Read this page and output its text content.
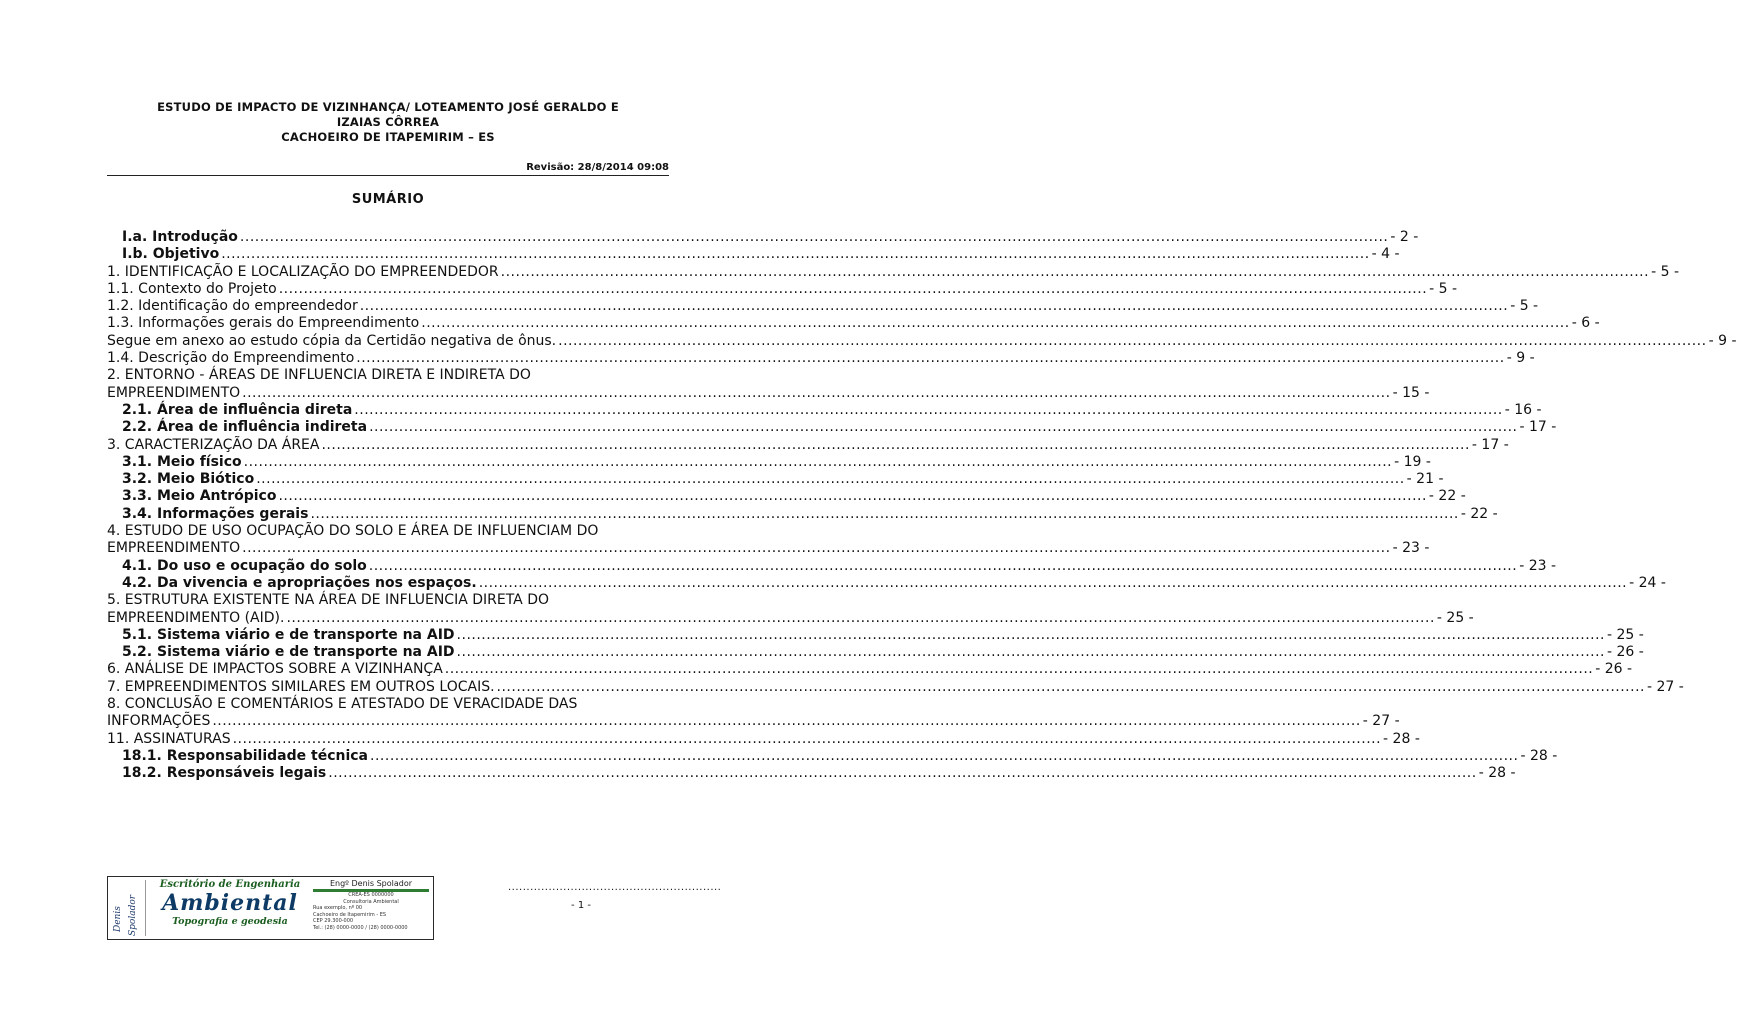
ESTUDO DE IMPACTO DE VIZINHANÇA/ LOTEAMENTO JOSÉ GERALDO E
IZAIAS CÔRREA
CACHOEIRO DE ITAPEMIRIM – ES
Revisão: 28/8/2014 09:08
SUMÁRIO
I.a. Introdução .....	- 2 -
I.b. Objetivo .....	- 4 -
1. IDENTIFICAÇÃO E LOCALIZAÇÃO DO EMPREENDEDOR .....	- 5 -
1.1. Contexto do Projeto .....	- 5 -
1.2. Identificação do empreendedor .....	- 5 -
1.3. Informações gerais do Empreendimento .....	- 6 -
Segue em anexo ao estudo cópia da Certidão negativa de ônus. .....	- 9 -
1.4. Descrição do Empreendimento .....	- 9 -
2. ENTORNO - ÁREAS DE INFLUENCIA DIRETA E INDIRETA DO
EMPREENDIMENTO .....	- 15 -
2.1. Área de influência direta .....	- 16 -
2.2. Área de influência indireta .....	- 17 -
3. CARACTERIZAÇÃO DA ÁREA .....	- 17 -
3.1. Meio físico .....	- 19 -
3.2. Meio Biótico .....	- 21 -
3.3. Meio Antrópico .....	- 22 -
3.4. Informações gerais .....	- 22 -
4. ESTUDO DE USO OCUPAÇÃO DO SOLO E ÁREA DE INFLUENCIAM DO
EMPREENDIMENTO .....	- 23 -
4.1. Do uso e ocupação do solo .....	- 23 -
4.2. Da vivencia e apropriações nos espaços. .....	- 24 -
5. ESTRUTURA EXISTENTE NA ÁREA DE INFLUENCIA DIRETA DO
EMPREENDIMENTO (AID). .....	- 25 -
5.1. Sistema viário e de transporte na AID .....	- 25 -
5.2. Sistema viário e de transporte na AID .....	- 26 -
6. ANÁLISE DE IMPACTOS SOBRE A VIZINHANÇA .....	- 26 -
7. EMPREENDIMENTOS SIMILARES EM OUTROS LOCAIS. .....	- 27 -
8. CONCLUSÃO E COMENTÁRIOS E ATESTADO DE VERACIDADE DAS
INFORMAÇÕES .....	- 27 -
11. ASSINATURAS .....	- 28 -
18.1. Responsabilidade técnica .....	- 28 -
18.2. Responsáveis legais .....	- 28 -
Denis Spolador
Escritório de Engenharia
Ambiental
Topografia e geodesia
Engº Denis Spolador
CREA-ES 0000000
Consultoria Ambiental
Rua exemplo, nº 00
Cachoeiro de Itapemirim - ES
CEP 29.300-000
Tel.: (28) 0000-0000 / (28) 0000-0000
..........................................................
- 1 -
